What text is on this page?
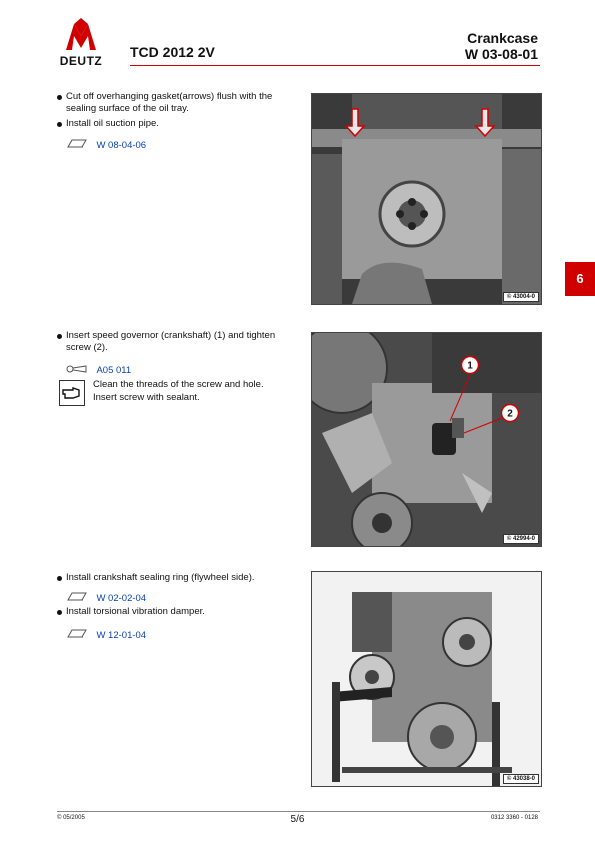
DEUTZ
TCD 2012 2V
Crankcase
W 03-08-01
Cut off overhanging gasket(arrows) flush with the sealing surface of the oil tray.
Install oil suction pipe.
W 08-04-06
© 43004-0
Insert speed governor (crankshaft) (1) and tighten screw (2).
A05 011
Clean the threads of the screw and hole.
Insert screw with sealant.
1
2
© 42994-0
6
Install crankshaft sealing ring (flywheel side).
W 02-02-04
Install torsional vibration damper.
W 12-01-04
© 43038-0
© 05/2005	5/6	0312 3360 - 0128
